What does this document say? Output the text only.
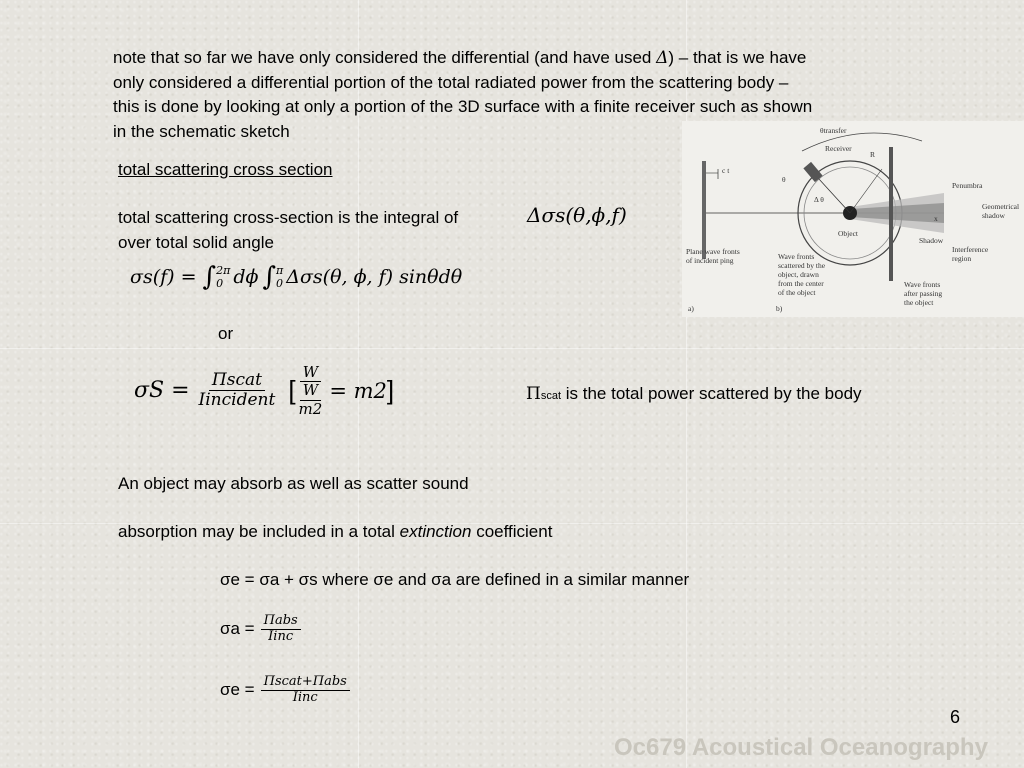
note that so far we have only considered the differential (and have used Δ) – that is we have
only considered a differential portion of the total radiated power from the scattering body –
this is done by looking at only a portion of the 3D surface with a finite receiver such as shown
in the schematic sketch
total scattering cross section
total scattering cross-section is the integral of
over total solid angle
Δσs(θ,ϕ,f)
σs(f) = ∫ 2π
0 dϕ ∫ π
0 Δσs(θ, ϕ, f) sinθdθ
or
$\sigma S = \frac{\text{Πscat}}{\text{Iincident}}$ [ $\frac{W}{\frac{W}{m2}} = m2$ ]	Πscat is the total power scattered by the body
An object may absorb as well as scatter sound
absorption may be included in a total extinction coefficient
σe = σa + σs where σe and σa are defined in a similar manner
$\sigma a = \frac{\text{Πabs}}{\text{Iinc}}$
$\sigma e = \frac{\text{Πscat+Πabs}}{\text{Iinc}}$
c t
θtransfer
Receiver
R
θ
Δ θ
Object
Penumbra
Geometrical
shadow
x
Shadow
Interference
region
Plane wave fronts
of incident ping	Wave fronts
scattered by the
object, drawn
from the center
of the object
Wave fronts
after passing
the object
a)	b)
6
Oc679 Acoustical Oceanography
